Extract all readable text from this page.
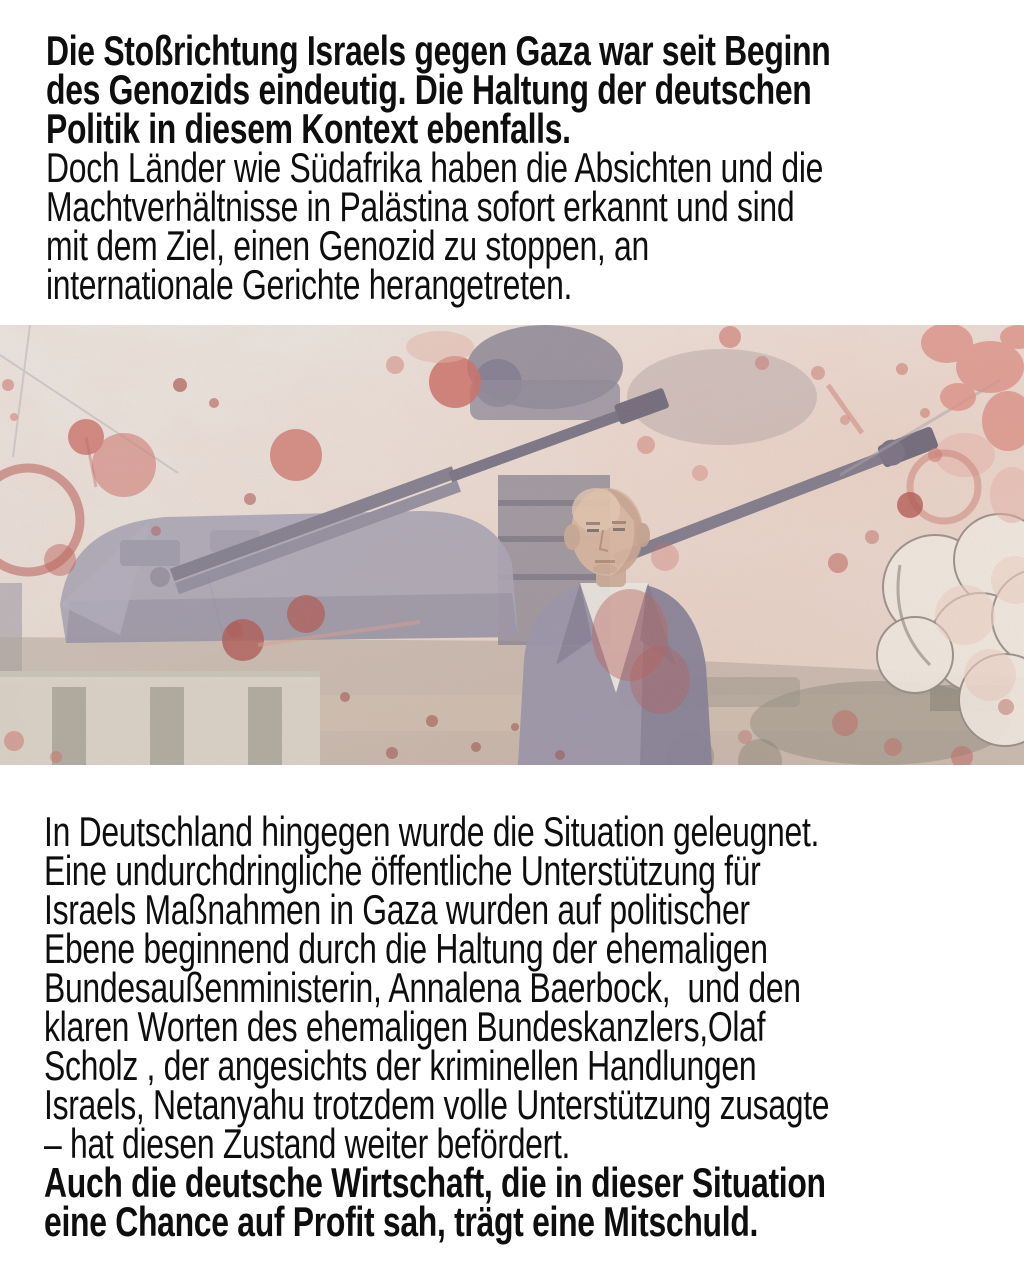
Die Stoßrichtung Israels gegen Gaza war seit Beginn
des Genozids eindeutig. Die Haltung der deutschen
Politik in diesem Kontext ebenfalls.
Doch Länder wie Südafrika haben die Absichten und die
Machtverhältnisse in Palästina sofort erkannt und sind
mit dem Ziel, einen Genozid zu stoppen, an
internationale Gerichte herangetreten.
In Deutschland hingegen wurde die Situation geleugnet.
Eine undurchdringliche öffentliche Unterstützung für
Israels Maßnahmen in Gaza wurden auf politischer
Ebene beginnend durch die Haltung der ehemaligen
Bundesaußenministerin, Annalena Baerbock,  und den
klaren Worten des ehemaligen Bundeskanzlers,Olaf
Scholz , der angesichts der kriminellen Handlungen
Israels, Netanyahu trotzdem volle Unterstützung zusagte
– hat diesen Zustand weiter befördert.
Auch die deutsche Wirtschaft, die in dieser Situation
eine Chance auf Profit sah, trägt eine Mitschuld.
